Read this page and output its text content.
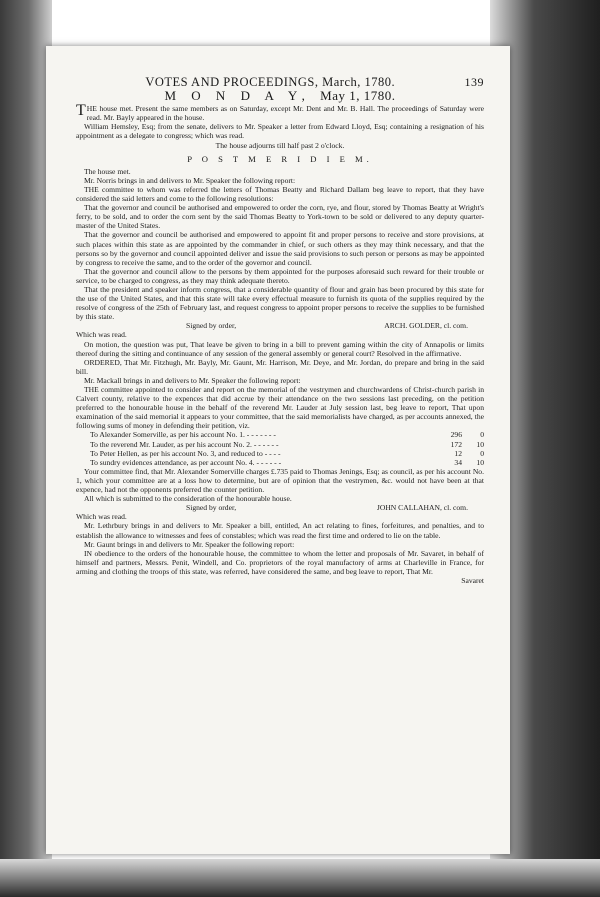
VOTES AND PROCEEDINGS, March, 1780.	139
M O N D A Y, May 1, 1780.

THE house met. Present the same members as on Saturday, except Mr. Dent and Mr. B. Hall. The proceedings of Saturday were read. Mr. Bayly appeared in the house.

William Hemsley, Esq; from the senate, delivers to Mr. Speaker a letter from Edward Lloyd, Esq; containing a resignation of his appointment as a delegate to congress; which was read.

The house adjourns till half past 2 o'clock.

P O S T M E R I D I E M.

The house met.

Mr. Norris brings in and delivers to Mr. Speaker the following report:

THE committee to whom was referred the letters of Thomas Beatty and Richard Dallam beg leave to report, that they have considered the said letters and come to the following resolutions:

That the governor and council be authorised and empowered to order the corn, rye, and flour, stored by Thomas Beatty at Wright's ferry, to be sold, and to order the corn sent by the said Thomas Beatty to York-town to be sold or delivered to any deputy quarter-master of the United States.

That the governor and council be authorised and empowered to appoint fit and proper persons to receive and store provisions, at such places within this state as are appointed by the commander in chief, or such others as they may think necessary, and that the persons so by the governor and council appointed deliver and issue the said provisions to such person or persons as may be appointed by congress to receive the same, and to the order of the governor and council.

That the governor and council allow to the persons by them appointed for the purposes aforesaid such reward for their trouble or service, to be charged to congress, as they may think adequate thereto.

That the president and speaker inform congress, that a considerable quantity of flour and grain has been procured by this state for the use of the United States, and that this state will take every effectual measure to furnish its quota of the supplies required by the resolve of congress of the 25th of February last, and request congress to appoint proper persons to receive the supplies to be furnished by this state.

Signed by order,	ARCH. GOLDER, cl. com.

Which was read.

On motion, the question was put, That leave be given to bring in a bill to prevent gaming within the city of Annapolis or limits thereof during the sitting and continuance of any session of the general assembly or general court? Resolved in the affirmative.

ORDERED, That Mr. Fitzhugh, Mr. Bayly, Mr. Gaunt, Mr. Harrison, Mr. Deye, and Mr. Jordan, do prepare and bring in the said bill.

Mr. Mackall brings in and delivers to Mr. Speaker the following report:

THE committee appointed to consider and report on the memorial of the vestrymen and churchwardens of Christ-church parish in Calvert county, relative to the expences that did accrue by their attendance on the two sessions last preceding, on the petition preferred to the honourable house in the behalf of the reverend Mr. Lauder at July session last, beg leave to report, That upon examination of the said memorial it appears to your committee, that the said memorialists have charged, as per accounts annexed, the following sums of money in defending their petition, viz.

To Alexander Somerville, as per his account No. 1. - - - - - - -	296	0
To the reverend Mr. Lauder, as per his account No. 2. - - - - - -	172	10
To Peter Hellen, as per his account No. 3, and reduced to - - - -	12	0
To sundry evidences attendance, as per account No. 4. - - - - - -	34	10

Your committee find, that Mr. Alexander Somerville charges £.735 paid to Thomas Jenings, Esq; as council, as per his account No. 1, which your committee are at a loss how to determine, but are of opinion that the vestrymen, &c. would not have been at that expence, had not the opponents preferred the counter petition.

All which is submitted to the consideration of the honourable house.

Signed by order,	JOHN CALLAHAN, cl. com.

Which was read.

Mr. Lethrbury brings in and delivers to Mr. Speaker a bill, entitled, An act relating to fines, forfeitures, and penalties, and to establish the allowance to witnesses and fees of constables; which was read the first time and ordered to lie on the table.

Mr. Gaunt brings in and delivers to Mr. Speaker the following report:

IN obedience to the orders of the honourable house, the committee to whom the letter and proposals of Mr. Savaret, in behalf of himself and partners, Messrs. Penit, Windell, and Co. proprietors of the royal manufactory of arms at Charleville in France, for arming and clothing the troops of this state, was referred, have considered the same, and beg leave to report, That Mr.

Savaret
